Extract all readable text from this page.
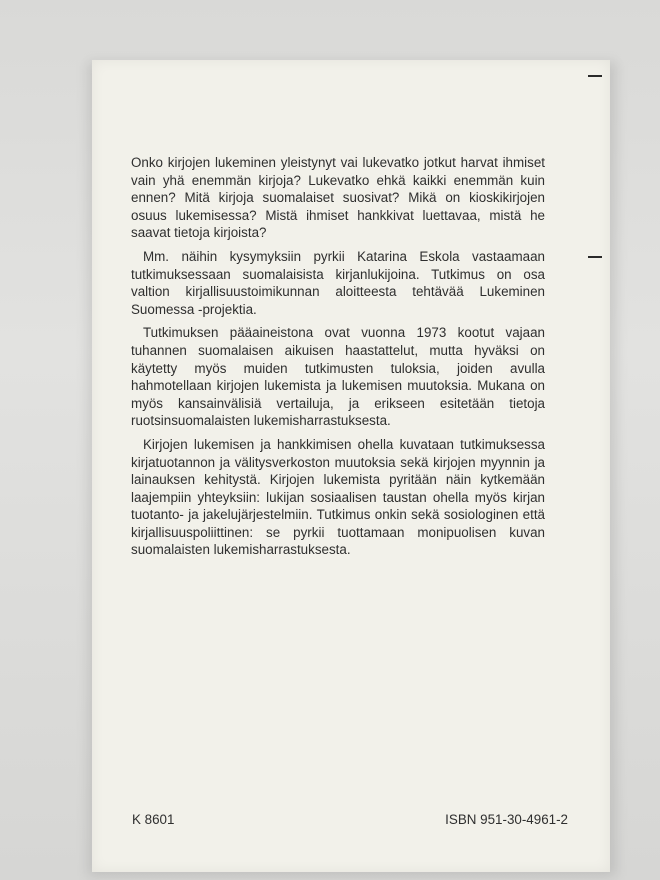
Onko kirjojen lukeminen yleistynyt vai lukevatko jotkut harvat ihmiset vain yhä enemmän kirjoja? Lukevatko ehkä kaikki enemmän kuin ennen? Mitä kirjoja suomalaiset suosivat? Mikä on kioskikirjojen osuus lukemisessa? Mistä ihmiset hankkivat luettavaa, mistä he saavat tietoja kirjoista?

Mm. näihin kysymyksiin pyrkii Katarina Eskola vastaamaan tutkimuksessaan suomalaisista kirjanlukijoina. Tutkimus on osa valtion kirjallisuustoimikunnan aloitteesta tehtävää Lukeminen Suomessa -projektia.

Tutkimuksen pääaineistona ovat vuonna 1973 kootut vajaan tuhannen suomalaisen aikuisen haastattelut, mutta hyväksi on käytetty myös muiden tutkimusten tuloksia, joiden avulla hahmotellaan kirjojen lukemista ja lukemisen muutoksia. Mukana on myös kansainvälisiä vertailuja, ja erikseen esitetään tietoja ruotsinsuomalaisten lukemisharrastuksesta.

Kirjojen lukemisen ja hankkimisen ohella kuvataan tutkimuksessa kirjatuotannon ja välitysverkoston muutoksia sekä kirjojen myynnin ja lainauksen kehitystä. Kirjojen lukemista pyritään näin kytkemään laajempiin yhteyksiin: lukijan sosiaalisen taustan ohella myös kirjan tuotanto- ja jakelujärjestelmiin. Tutkimus onkin sekä sosiologinen että kirjallisuuspoliittinen: se pyrkii tuottamaan monipuolisen kuvan suomalaisten lukemisharrastuksesta.

K 8601	ISBN 951-30-4961-2
